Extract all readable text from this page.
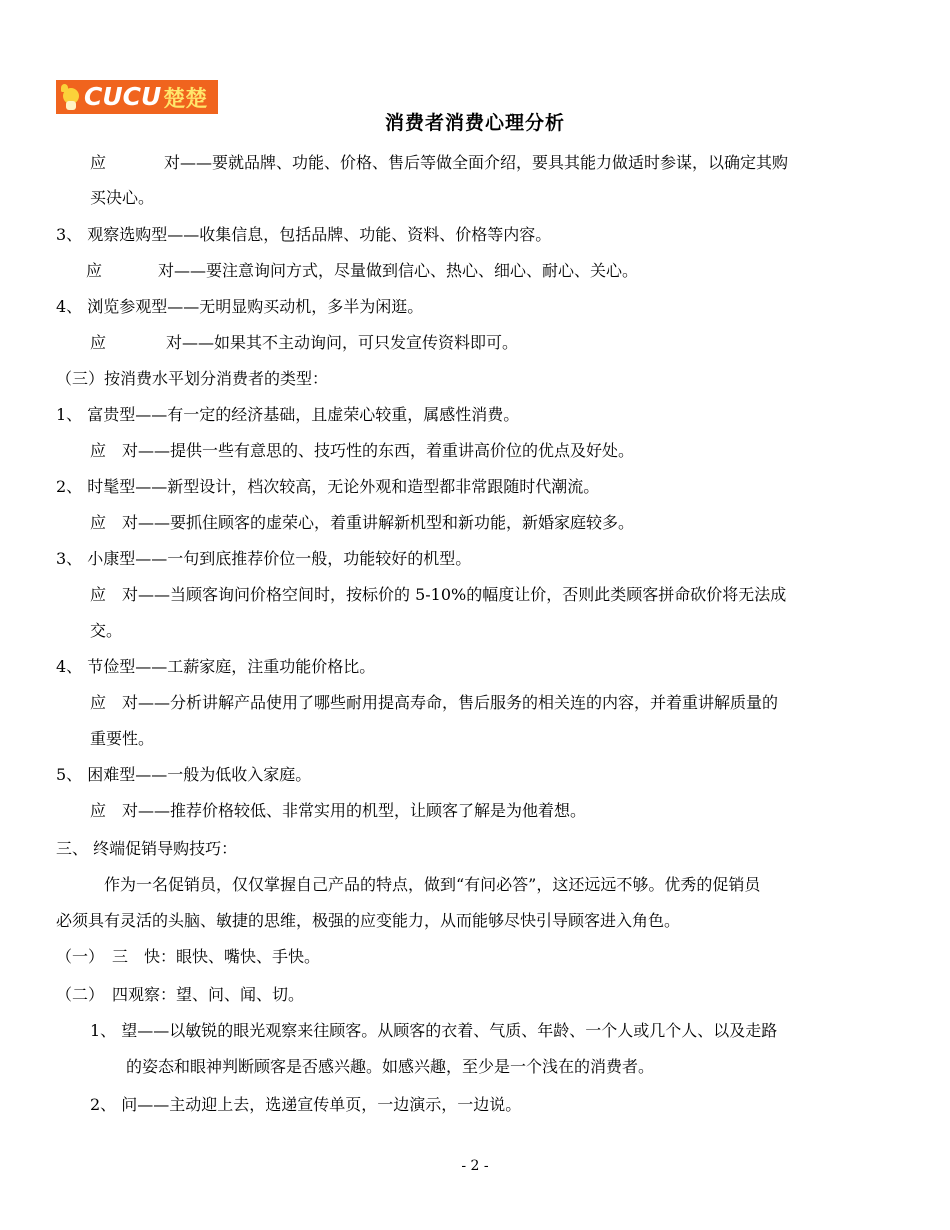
CUCU 楚楚
消费者消费心理分析
应	对——要就品牌、功能、价格、售后等做全面介绍，要具其能力做适时参谋，以确定其购
买决心。
3、 观察选购型——收集信息，包括品牌、功能、资料、价格等内容。
应	对——要注意询问方式，尽量做到信心、热心、细心、耐心、关心。
4、 浏览参观型——无明显购买动机，多半为闲逛。
应	对——如果其不主动询问，可只发宣传资料即可。
（三）按消费水平划分消费者的类型：
1、 富贵型——有一定的经济基础，且虚荣心较重，属感性消费。
应　对——提供一些有意思的、技巧性的东西，着重讲高价位的优点及好处。
2、 时髦型——新型设计，档次较高，无论外观和造型都非常跟随时代潮流。
应　对——要抓住顾客的虚荣心，着重讲解新机型和新功能，新婚家庭较多。
3、 小康型——一句到底推荐价位一般，功能较好的机型。
应　对——当顾客询问价格空间时，按标价的 5-10%的幅度让价，否则此类顾客拼命砍价将无法成
交。
4、 节俭型——工薪家庭，注重功能价格比。
应　对——分析讲解产品使用了哪些耐用提高寿命，售后服务的相关连的内容，并着重讲解质量的
重要性。
5、 困难型——一般为低收入家庭。
应　对——推荐价格较低、非常实用的机型，让顾客了解是为他着想。
三、 终端促销导购技巧：
作为一名促销员，仅仅掌握自己产品的特点，做到“有问必答”，这还远远不够。优秀的促销员
必须具有灵活的头脑、敏捷的思维，极强的应变能力，从而能够尽快引导顾客进入角色。
（一）　三　快：眼快、嘴快、手快。
（二）　四观察：望、问、闻、切。
1、 望——以敏锐的眼光观察来往顾客。从顾客的衣着、气质、年龄、一个人或几个人、以及走路
的姿态和眼神判断顾客是否感兴趣。如感兴趣，至少是一个浅在的消费者。
2、 问——主动迎上去，选递宣传单页，一边演示，一边说。
- 2 -
